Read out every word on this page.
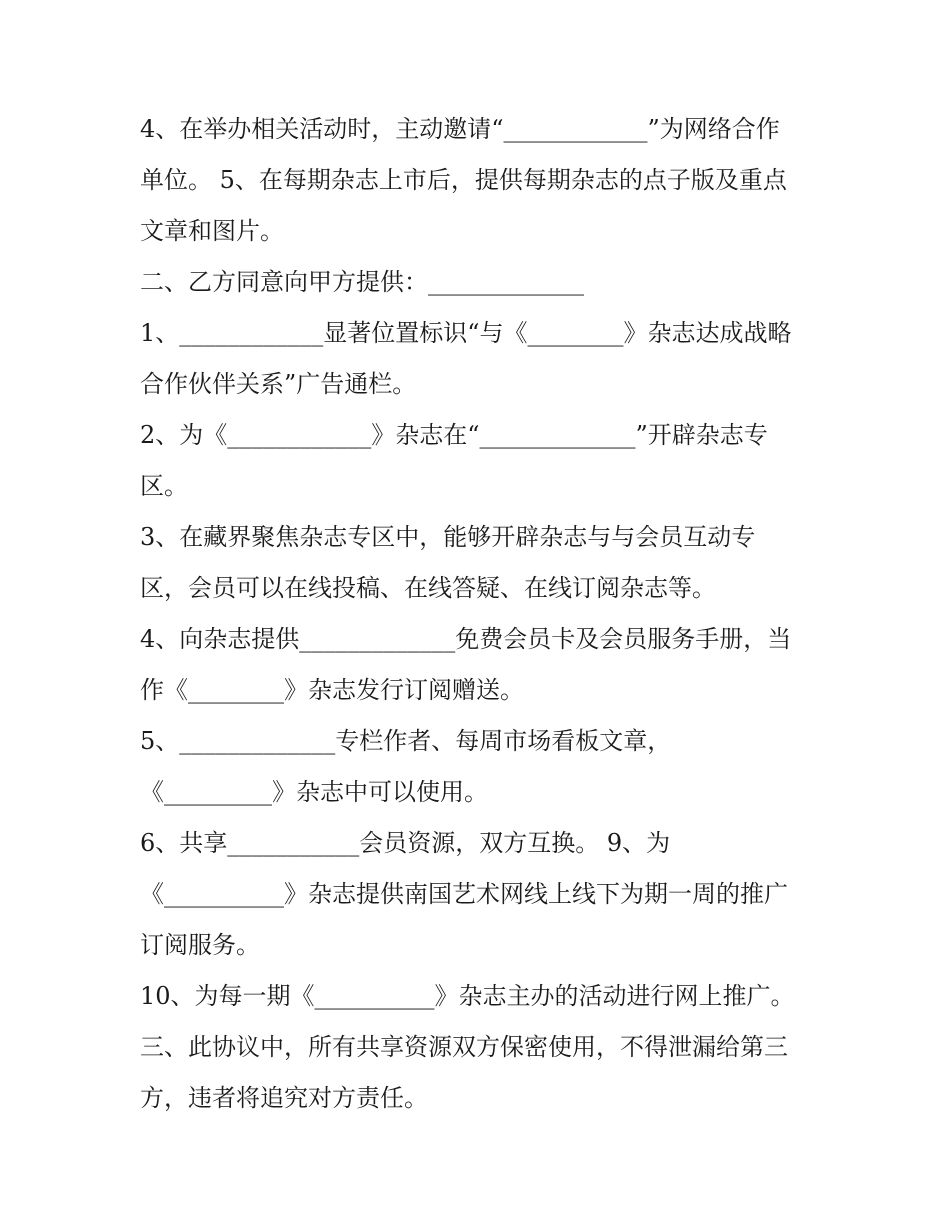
4、在举办相关活动时，主动邀请“____________”为网络合作
单位。 5、在每期杂志上市后，提供每期杂志的点子版及重点
文章和图片。
二、乙方同意向甲方提供：_____________
1、____________显著位置标识“与《________》杂志达成战略
合作伙伴关系”广告通栏。
2、为《____________》杂志在“_____________”开辟杂志专
区。
3、在藏界聚焦杂志专区中，能够开辟杂志与与会员互动专
区，会员可以在线投稿、在线答疑、在线订阅杂志等。
4、向杂志提供_____________免费会员卡及会员服务手册，当
作《________》杂志发行订阅赠送。
5、_____________专栏作者、每周市场看板文章，
《_________》杂志中可以使用。
6、共享___________会员资源，双方互换。 9、为
《__________》杂志提供南国艺术网线上线下为期一周的推广
订阅服务。
10、为每一期《__________》杂志主办的活动进行网上推广。
三、此协议中，所有共享资源双方保密使用，不得泄漏给第三
方，违者将追究对方责任。
